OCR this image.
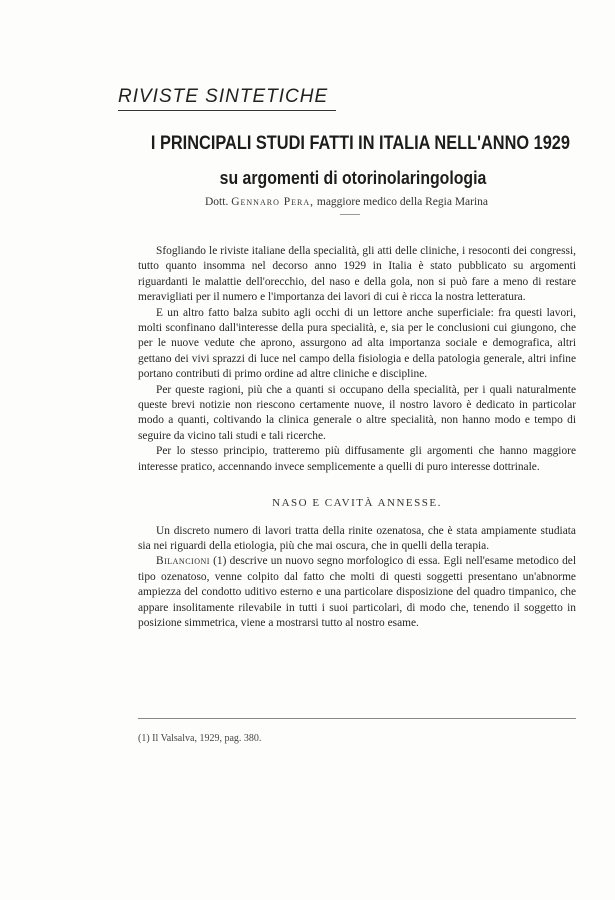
RIVISTE SINTETICHE
I PRINCIPALI STUDI FATTI IN ITALIA NELL'ANNO 1929
su argomenti di otorinolaringologia
Dott. Gennaro Pera, maggiore medico della Regia Marina

Sfogliando le riviste italiane della specialità, gli atti delle cliniche, i resoconti dei congressi, tutto quanto insomma nel decorso anno 1929 in Italia è stato pubblicato su argomenti riguardanti le malattie dell'orecchio, del naso e della gola, non si può fare a meno di restare meravigliati per il numero e l'importanza dei lavori di cui è ricca la nostra letteratura.

E un altro fatto balza subito agli occhi di un lettore anche superficiale: fra questi lavori, molti sconfinano dall'interesse della pura specialità, e, sia per le conclusioni cui giungono, che per le nuove vedute che aprono, assurgono ad alta importanza sociale e demografica, altri gettano dei vivi sprazzi di luce nel campo della fisiologia e della patologia generale, altri infine portano contributi di primo ordine ad altre cliniche e discipline.

Per queste ragioni, più che a quanti si occupano della specialità, per i quali naturalmente queste brevi notizie non riescono certamente nuove, il nostro lavoro è dedicato in particolar modo a quanti, coltivando la clinica generale o altre specialità, non hanno modo e tempo di seguire da vicino tali studi e tali ricerche.

Per lo stesso principio, tratteremo più diffusamente gli argomenti che hanno maggiore interesse pratico, accennando invece semplicemente a quelli di puro interesse dottrinale.

NASO E CAVITÀ ANNESSE.

Un discreto numero di lavori tratta della rinite ozenatosa, che è stata ampiamente studiata sia nei riguardi della etiologia, più che mai oscura, che in quelli della terapia.

Bilancioni (1) descrive un nuovo segno morfologico di essa. Egli nell'esame metodico del tipo ozenatoso, venne colpito dal fatto che molti di questi soggetti presentano un'abnorme ampiezza del condotto uditivo esterno e una particolare disposizione del quadro timpanico, che appare insolitamente rilevabile in tutti i suoi particolari, di modo che, tenendo il soggetto in posizione simmetrica, viene a mostrarsi tutto al nostro esame.

(1) Il Valsalva, 1929, pag. 380.
